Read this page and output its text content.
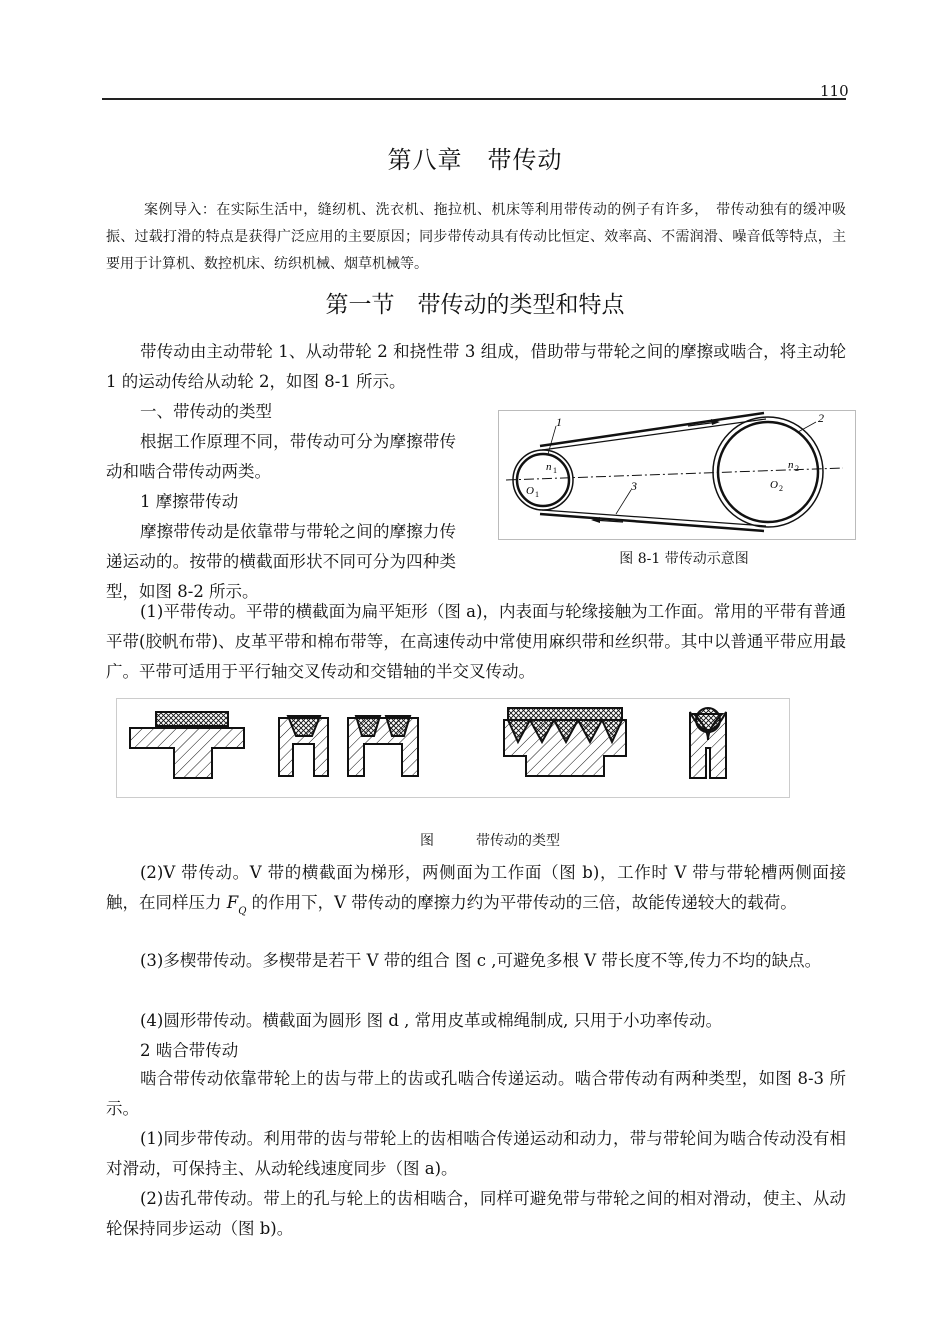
110
第八章　带传动
案例导入：在实际生活中，缝纫机、洗衣机、拖拉机、机床等利用带传动的例子有许多，　带传动独有的缓冲吸振、过载打滑的特点是获得广泛应用的主要原因；同步带传动具有传动比恒定、效率高、不需润滑、噪音低等特点，主要用于计算机、数控机床、纺织机械、烟草机械等。
第一节　带传动的类型和特点

带传动由主动带轮 1、从动带轮 2 和挠性带 3 组成，借助带与带轮之间的摩擦或啮合，将主动轮 1 的运动传给从动轮 2，如图 8-1 所示。

一、带传动的类型

根据工作原理不同，带传动可分为摩擦带传动和啮合带传动两类。

1 摩擦带传动

摩擦带传动是依靠带与带轮之间的摩擦力传递运动的。按带的横截面形状不同可分为四种类型，如图 8-2 所示。

1	2
3
n 1
O 1
n 2
O 2
图 8-1 带传动示意图

(1)平带传动。平带的横截面为扁平矩形（图 a)，内表面与轮缘接触为工作面。常用的平带有普通平带(胶帆布带)、皮革平带和棉布带等，在高速传动中常使用麻织带和丝织带。其中以普通平带应用最广。平带可适用于平行轴交叉传动和交错轴的半交叉传动。

图　　　	带传动的类型

(2)V 带传动。V 带的横截面为梯形，两侧面为工作面（图 b)，工作时 V 带与带轮槽两侧面接触，在同样压力 $F_Q$ 的作用下，V 带传动的摩擦力约为平带传动的三倍，故能传递较大的载荷。

(3)多楔带传动。多楔带是若干 V 带的组合 图 c ,可避免多根 V 带长度不等,传力不均的缺点。

(4)圆形带传动。横截面为圆形 图 d , 常用皮革或棉绳制成, 只用于小功率传动。

2 啮合带传动

啮合带传动依靠带轮上的齿与带上的齿或孔啮合传递运动。啮合带传动有两种类型，如图 8-3 所示。

(1)同步带传动。利用带的齿与带轮上的齿相啮合传递运动和动力，带与带轮间为啮合传动没有相对滑动，可保持主、从动轮线速度同步（图 a)。

(2)齿孔带传动。带上的孔与轮上的齿相啮合，同样可避免带与带轮之间的相对滑动，使主、从动轮保持同步运动（图 b)。
